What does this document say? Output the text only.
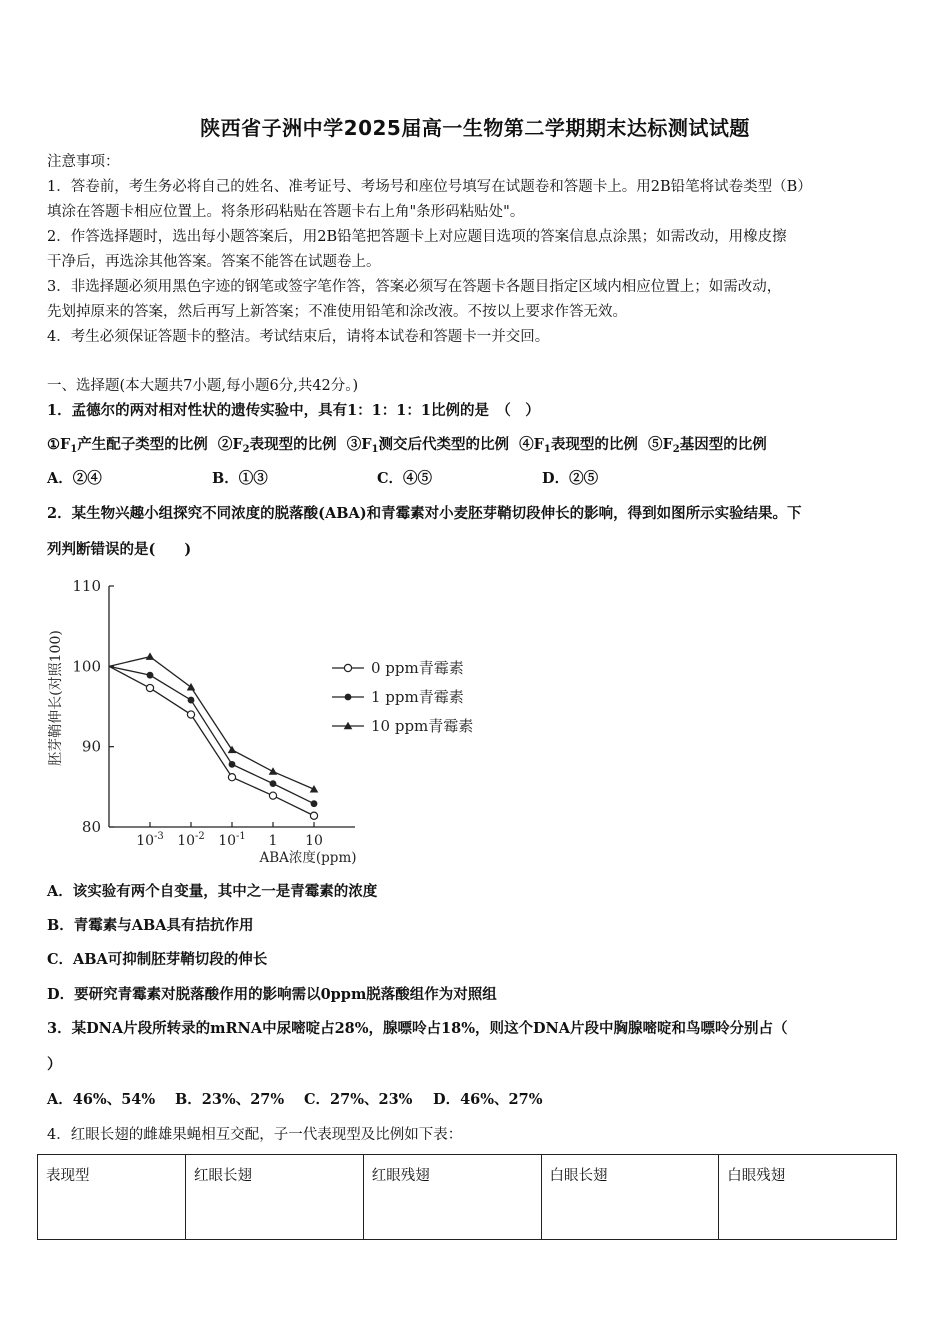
陕西省子洲中学2025届高一生物第二学期期末达标测试试题
注意事项：
1．答卷前，考生务必将自己的姓名、准考证号、考场号和座位号填写在试题卷和答题卡上。用2B铅笔将试卷类型（B）
填涂在答题卡相应位置上。将条形码粘贴在答题卡右上角"条形码粘贴处"。
2．作答选择题时，选出每小题答案后，用2B铅笔把答题卡上对应题目选项的答案信息点涂黑；如需改动，用橡皮擦
干净后，再选涂其他答案。答案不能答在试题卷上。
3．非选择题必须用黑色字迹的钢笔或签字笔作答，答案必须写在答题卡各题目指定区域内相应位置上；如需改动，
先划掉原来的答案，然后再写上新答案；不准使用铅笔和涂改液。不按以上要求作答无效。
4．考生必须保证答题卡的整洁。考试结束后，请将本试卷和答题卡一并交回。
一、选择题(本大题共7小题,每小题6分,共42分。)
1．孟德尔的两对相对性状的遗传实验中，具有1：1：1：1比例的是　（　）
$①F_1$产生配子类型的比例 $②F_2$表现型的比例 $③F_1$测交后代类型的比例 $④F_1$表现型的比例 $⑤F_2$基因型的比例
A．②④	B．①③	C．④⑤	D．②⑤
2．某生物兴趣小组探究不同浓度的脱落酸(ABA)和青霉素对小麦胚芽鞘切段伸长的影响，得到如图所示实验结果。下
列判断错误的是(　　)
80
90
100
110
$10^{-3}$ $10^{-2}$ $10^{-1}$ 1 10
0 ppm青霉素
1 ppm青霉素
10 ppm青霉素
ABA浓度(ppm)
胚芽鞘伸长(对照100)
A．该实验有两个自变量，其中之一是青霉素的浓度
B．青霉素与ABA具有拮抗作用
C．ABA可抑制胚芽鞘切段的伸长
D．要研究青霉素对脱落酸作用的影响需以0ppm脱落酸组作为对照组
3．某DNA片段所转录的mRNA中尿嘧啶占28%，腺嘌呤占18%，则这个DNA片段中胸腺嘧啶和鸟嘌呤分别占（
）
A．46%、54% B．23%、27% C．27%、23% D．46%、27%
4．红眼长翅的雌雄果蝇相互交配，子一代表现型及比例如下表：
表现型	红眼长翅	红眼残翅	白眼长翅	白眼残翅
